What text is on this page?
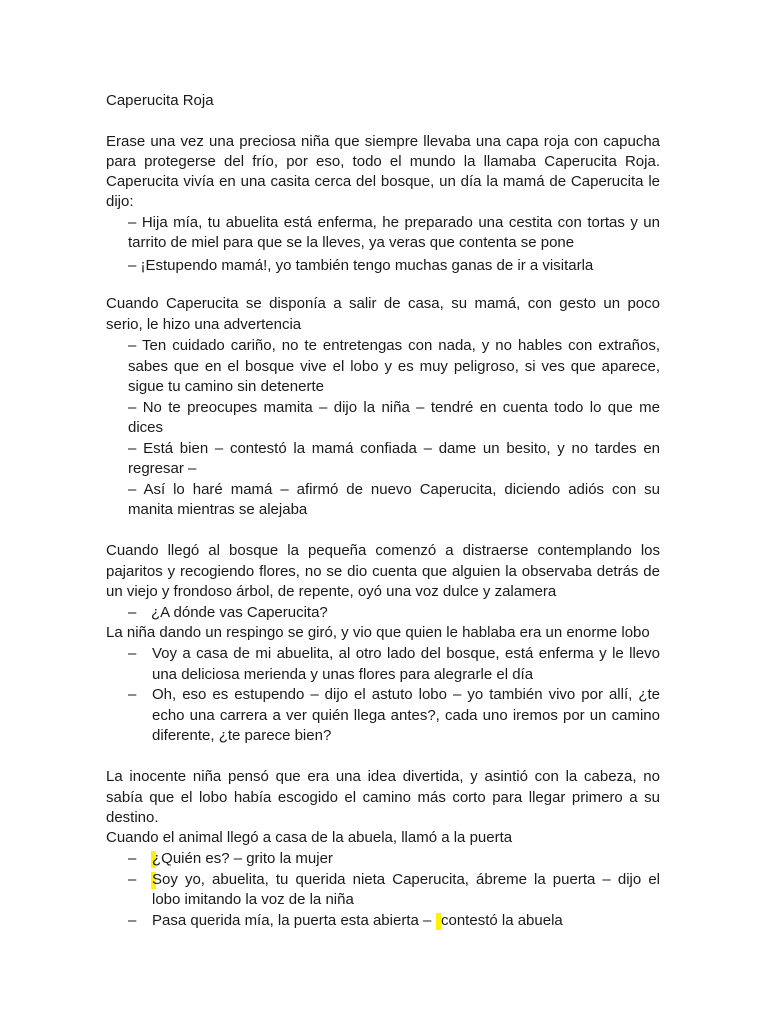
Caperucita Roja
Erase una vez una preciosa niña que siempre llevaba una capa roja con capucha
para protegerse del frío, por eso, todo el mundo la llamaba Caperucita Roja.
Caperucita vivía en una casita cerca del bosque, un día la mamá de Caperucita le
dijo:
– Hija mía, tu abuelita está enferma, he preparado una cestita con tortas y un
tarrito de miel para que se la lleves, ya veras que contenta se pone
– ¡Estupendo mamá!, yo también tengo muchas ganas de ir a visitarla
Cuando Caperucita se disponía a salir de casa, su mamá, con gesto un poco
serio, le hizo una advertencia
– Ten cuidado cariño, no te entretengas con nada, y no hables con extraños,
sabes que en el bosque vive el lobo y es muy peligroso, si ves que aparece,
sigue tu camino sin detenerte
– No te preocupes mamita – dijo la niña – tendré en cuenta todo lo que me
dices
– Está bien – contestó la mamá confiada – dame un besito, y no tardes en
regresar –
– Así lo haré mamá – afirmó de nuevo Caperucita, diciendo adiós con su
manita mientras se alejaba
Cuando llegó al bosque la pequeña comenzó a distraerse contemplando los
pajaritos y recogiendo flores, no se dio cuenta que alguien la observaba detrás de
un viejo y frondoso árbol, de repente, oyó una voz dulce y zalamera
– ¿A dónde vas Caperucita?
La niña dando un respingo se giró, y vio que quien le hablaba era un enorme lobo
– Voy a casa de mi abuelita, al otro lado del bosque, está enferma y le llevo
una deliciosa merienda y unas flores para alegrarle el día
– Oh, eso es estupendo – dijo el astuto lobo – yo también vivo por allí, ¿te
echo una carrera a ver quién llega antes?, cada uno iremos por un camino
diferente, ¿te parece bien?
La inocente niña pensó que era una idea divertida, y asintió con la cabeza, no
sabía que el lobo había escogido el camino más corto para llegar primero a su
destino.
Cuando el animal llegó a casa de la abuela, llamó a la puerta
– ¿Quién es? – grito la mujer
– Soy yo, abuelita, tu querida nieta Caperucita, ábreme la puerta – dijo el
lobo imitando la voz de la niña
– Pasa querida mía, la puerta esta abierta – contestó la abuela
